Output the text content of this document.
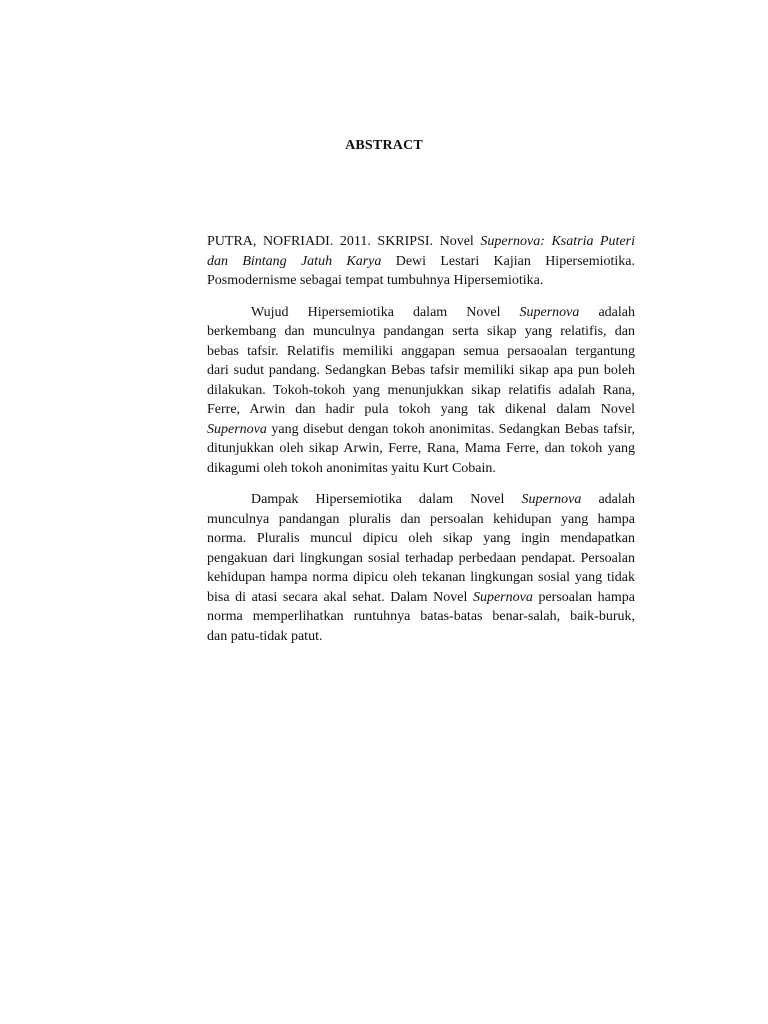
ABSTRACT
PUTRA, NOFRIADI. 2011. SKRIPSI. Novel Supernova: Ksatria Puteri
dan Bintang Jatuh Karya Dewi Lestari Kajian Hipersemiotika.
Posmodernisme sebagai tempat tumbuhnya Hipersemiotika.
Wujud Hipersemiotika dalam Novel Supernova adalah
berkembang dan munculnya pandangan serta sikap yang relatifis, dan
bebas tafsir. Relatifis memiliki anggapan semua persaoalan tergantung
dari sudut pandang. Sedangkan Bebas tafsir memiliki sikap apa pun boleh
dilakukan. Tokoh-tokoh yang menunjukkan sikap relatifis adalah Rana,
Ferre, Arwin dan hadir pula tokoh yang tak dikenal dalam Novel
Supernova yang disebut dengan tokoh anonimitas. Sedangkan Bebas tafsir,
ditunjukkan oleh sikap Arwin, Ferre, Rana, Mama Ferre, dan tokoh yang
dikagumi oleh tokoh anonimitas yaitu Kurt Cobain.
Dampak Hipersemiotika dalam Novel Supernova adalah
munculnya pandangan pluralis dan persoalan kehidupan yang hampa
norma. Pluralis muncul dipicu oleh sikap yang ingin mendapatkan
pengakuan dari lingkungan sosial terhadap perbedaan pendapat. Persoalan
kehidupan hampa norma dipicu oleh tekanan lingkungan sosial yang tidak
bisa di atasi secara akal sehat. Dalam Novel Supernova persoalan hampa
norma memperlihatkan runtuhnya batas-batas benar-salah, baik-buruk,
dan patu-tidak patut.
